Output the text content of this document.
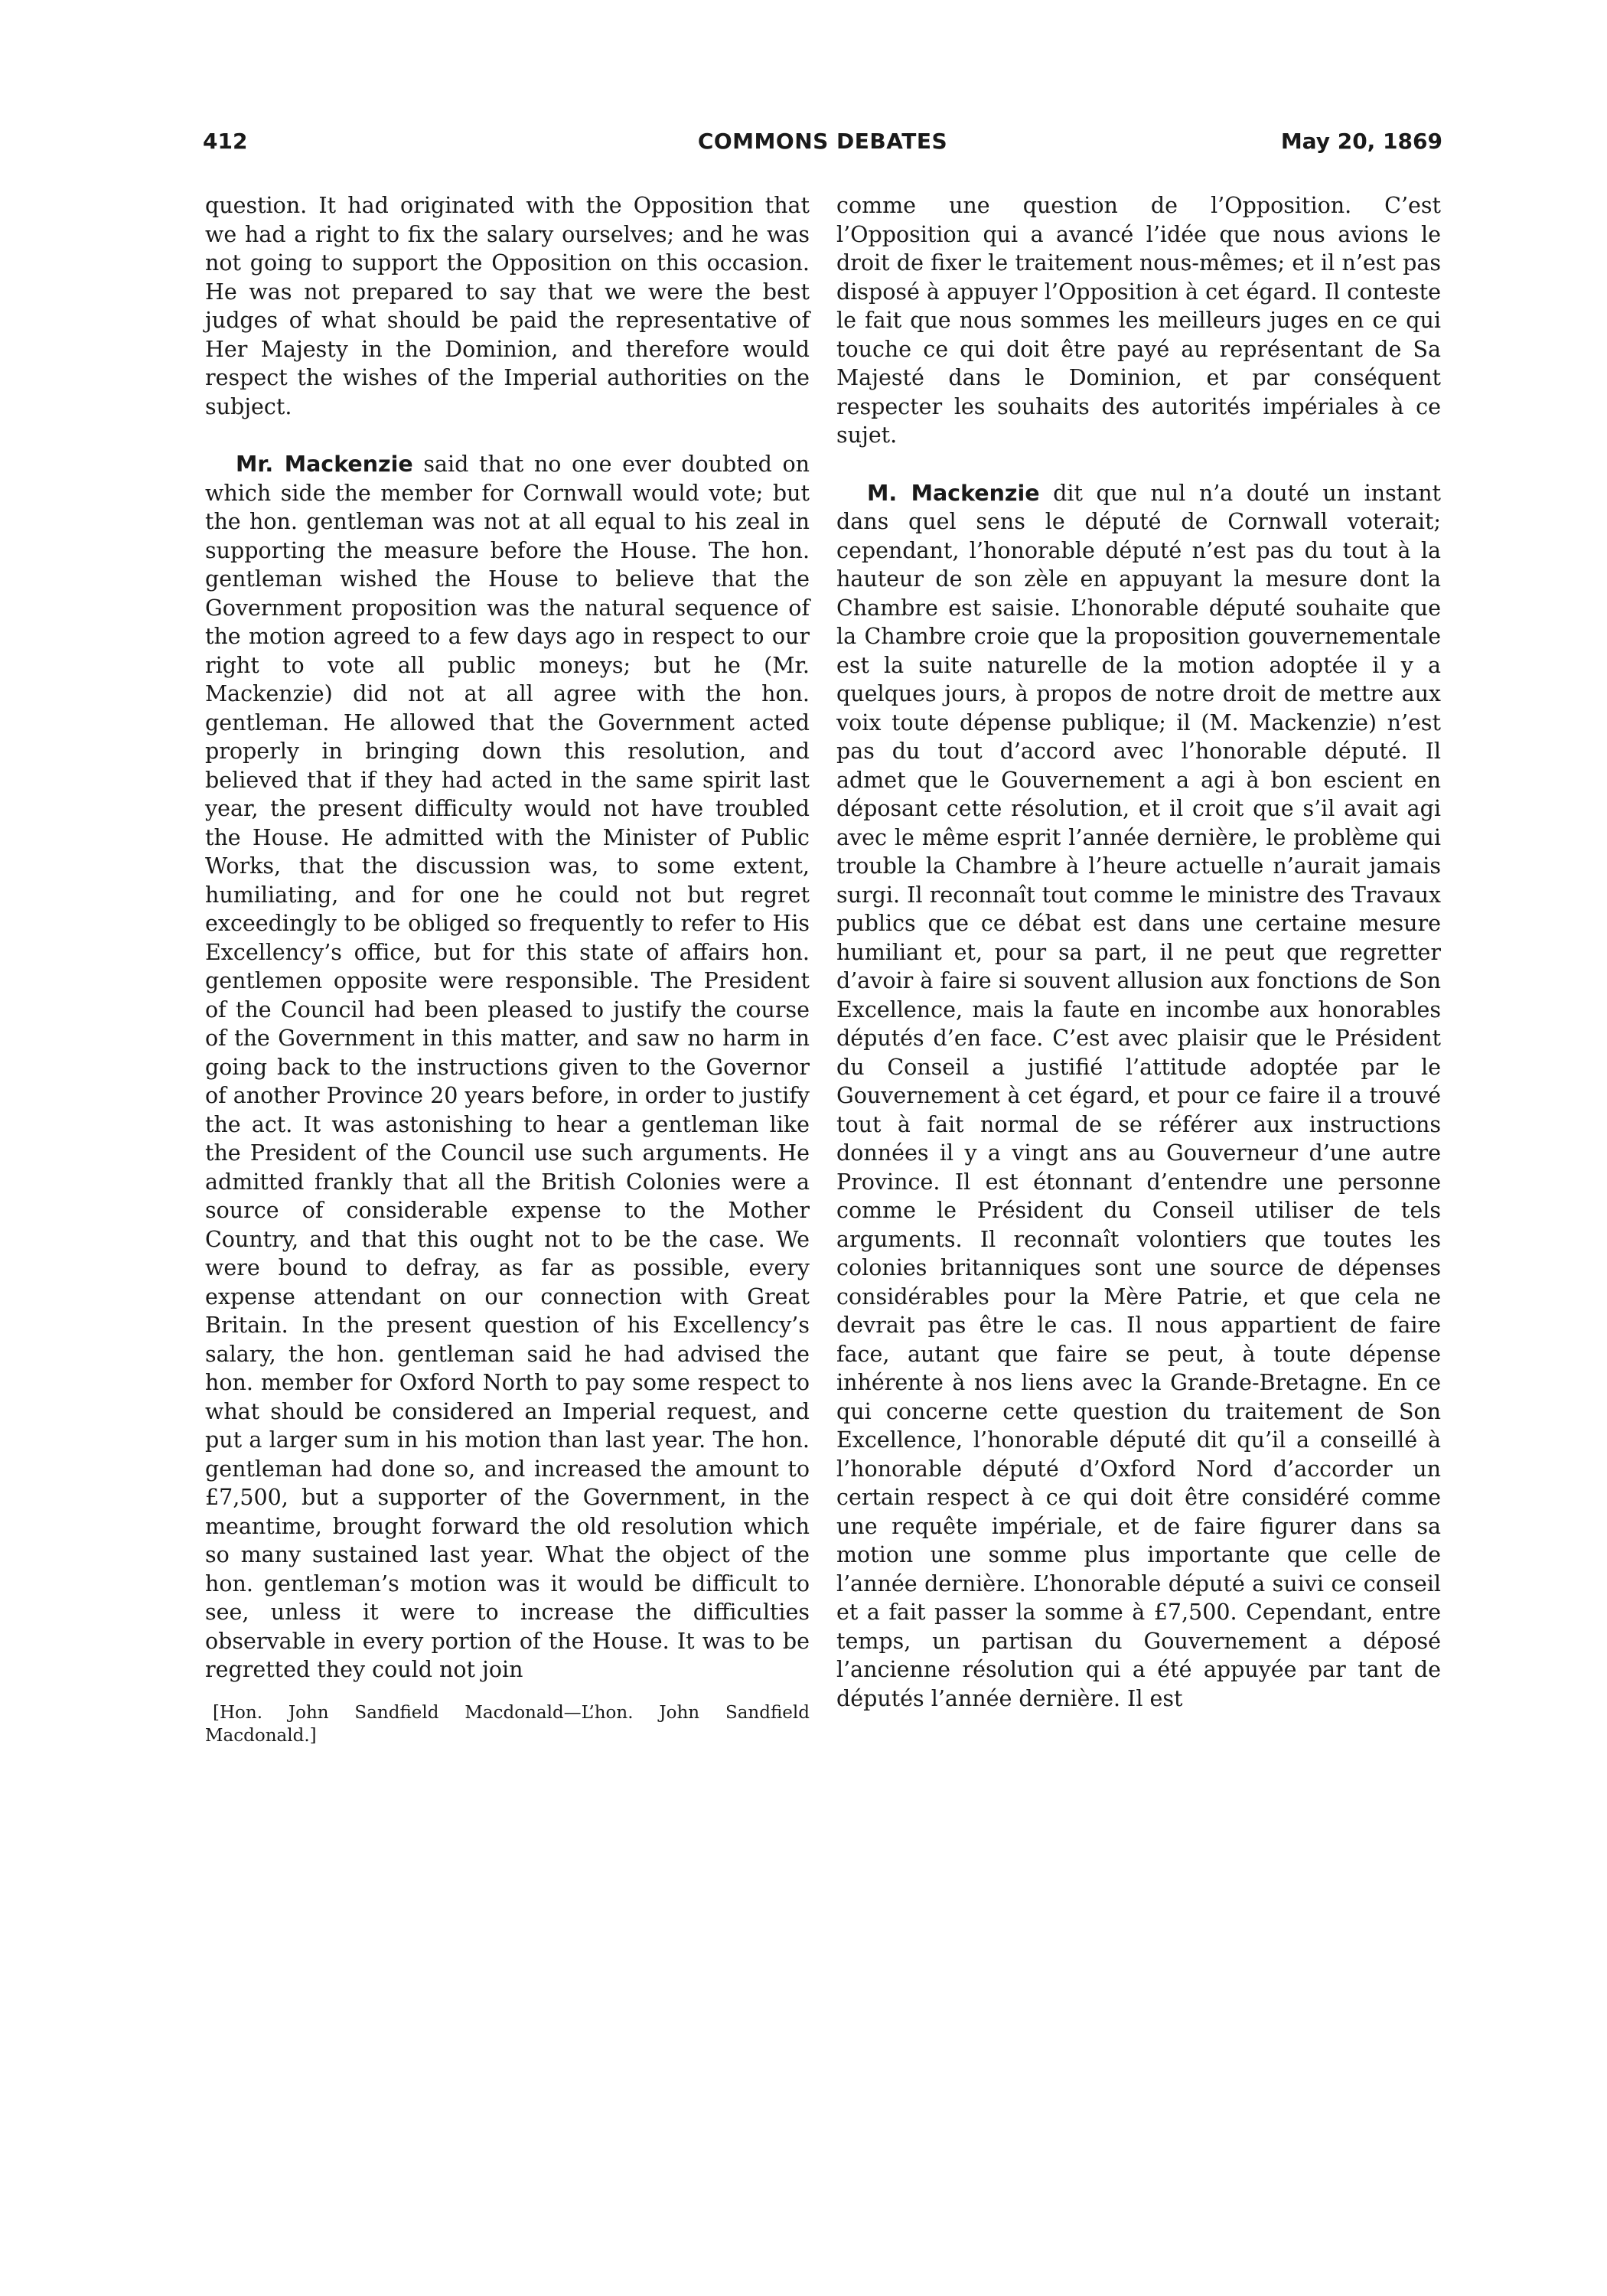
COMMONS DEBATES
412	May 20, 1869

question. It had originated with the Opposition that we had a right to fix the salary ourselves; and he was not going to support the Opposition on this occasion. He was not prepared to say that we were the best judges of what should be paid the representative of Her Majesty in the Dominion, and therefore would respect the wishes of the Imperial authorities on the subject.

Mr. Mackenzie said that no one ever doubted on which side the member for Cornwall would vote; but the hon. gentleman was not at all equal to his zeal in supporting the measure before the House. The hon. gentleman wished the House to believe that the Government proposition was the natural sequence of the motion agreed to a few days ago in respect to our right to vote all public moneys; but he (Mr. Mackenzie) did not at all agree with the hon. gentleman. He allowed that the Government acted properly in bringing down this resolution, and believed that if they had acted in the same spirit last year, the present difficulty would not have troubled the House. He admitted with the Minister of Public Works, that the discussion was, to some extent, humiliating, and for one he could not but regret exceedingly to be obliged so frequently to refer to His Excellency’s office, but for this state of affairs hon. gentlemen opposite were responsible. The President of the Council had been pleased to justify the course of the Government in this matter, and saw no harm in going back to the instructions given to the Governor of another Province 20 years before, in order to justify the act. It was astonishing to hear a gentleman like the President of the Council use such arguments. He admitted frankly that all the British Colonies were a source of considerable expense to the Mother Country, and that this ought not to be the case. We were bound to defray, as far as possible, every expense attendant on our connection with Great Britain. In the present question of his Excellency’s salary, the hon. gentleman said he had advised the hon. member for Oxford North to pay some respect to what should be considered an Imperial request, and put a larger sum in his motion than last year. The hon. gentleman had done so, and increased the amount to £7,500, but a supporter of the Government, in the meantime, brought forward the old resolution which so many sustained last year. What the object of the hon. gentleman’s motion was it would be difficult to see, unless it were to increase the difficulties observable in every portion of the House. It was to be regretted they could not join

[Hon. John Sandfield Macdonald—L’hon. John Sandfield Macdonald.]

comme une question de l’Opposition. C’est l’Opposition qui a avancé l’idée que nous avions le droit de fixer le traitement nous-mêmes; et il n’est pas disposé à appuyer l’Opposition à cet égard. Il conteste le fait que nous sommes les meilleurs juges en ce qui touche ce qui doit être payé au représentant de Sa Majesté dans le Dominion, et par conséquent respecter les souhaits des autorités impériales à ce sujet.

M. Mackenzie dit que nul n’a douté un instant dans quel sens le député de Cornwall voterait; cependant, l’honorable député n’est pas du tout à la hauteur de son zèle en appuyant la mesure dont la Chambre est saisie. L’honorable député souhaite que la Chambre croie que la proposition gouvernementale est la suite naturelle de la motion adoptée il y a quelques jours, à propos de notre droit de mettre aux voix toute dépense publique; il (M. Mackenzie) n’est pas du tout d’accord avec l’honorable député. Il admet que le Gouvernement a agi à bon escient en déposant cette résolution, et il croit que s’il avait agi avec le même esprit l’année dernière, le problème qui trouble la Chambre à l’heure actuelle n’aurait jamais surgi. Il reconnaît tout comme le ministre des Travaux publics que ce débat est dans une certaine mesure humiliant et, pour sa part, il ne peut que regretter d’avoir à faire si souvent allusion aux fonctions de Son Excellence, mais la faute en incombe aux honorables députés d’en face. C’est avec plaisir que le Président du Conseil a justifié l’attitude adoptée par le Gouvernement à cet égard, et pour ce faire il a trouvé tout à fait normal de se référer aux instructions données il y a vingt ans au Gouverneur d’une autre Province. Il est étonnant d’entendre une personne comme le Président du Conseil utiliser de tels arguments. Il reconnaît volontiers que toutes les colonies britanniques sont une source de dépenses considérables pour la Mère Patrie, et que cela ne devrait pas être le cas. Il nous appartient de faire face, autant que faire se peut, à toute dépense inhérente à nos liens avec la Grande-Bretagne. En ce qui concerne cette question du traitement de Son Excellence, l’honorable député dit qu’il a conseillé à l’honorable député d’Oxford Nord d’accorder un certain respect à ce qui doit être considéré comme une requête impériale, et de faire figurer dans sa motion une somme plus importante que celle de l’année dernière. L’honorable député a suivi ce conseil et a fait passer la somme à £7,500. Cependant, entre temps, un partisan du Gouvernement a déposé l’ancienne résolution qui a été appuyée par tant de députés l’année dernière. Il est
